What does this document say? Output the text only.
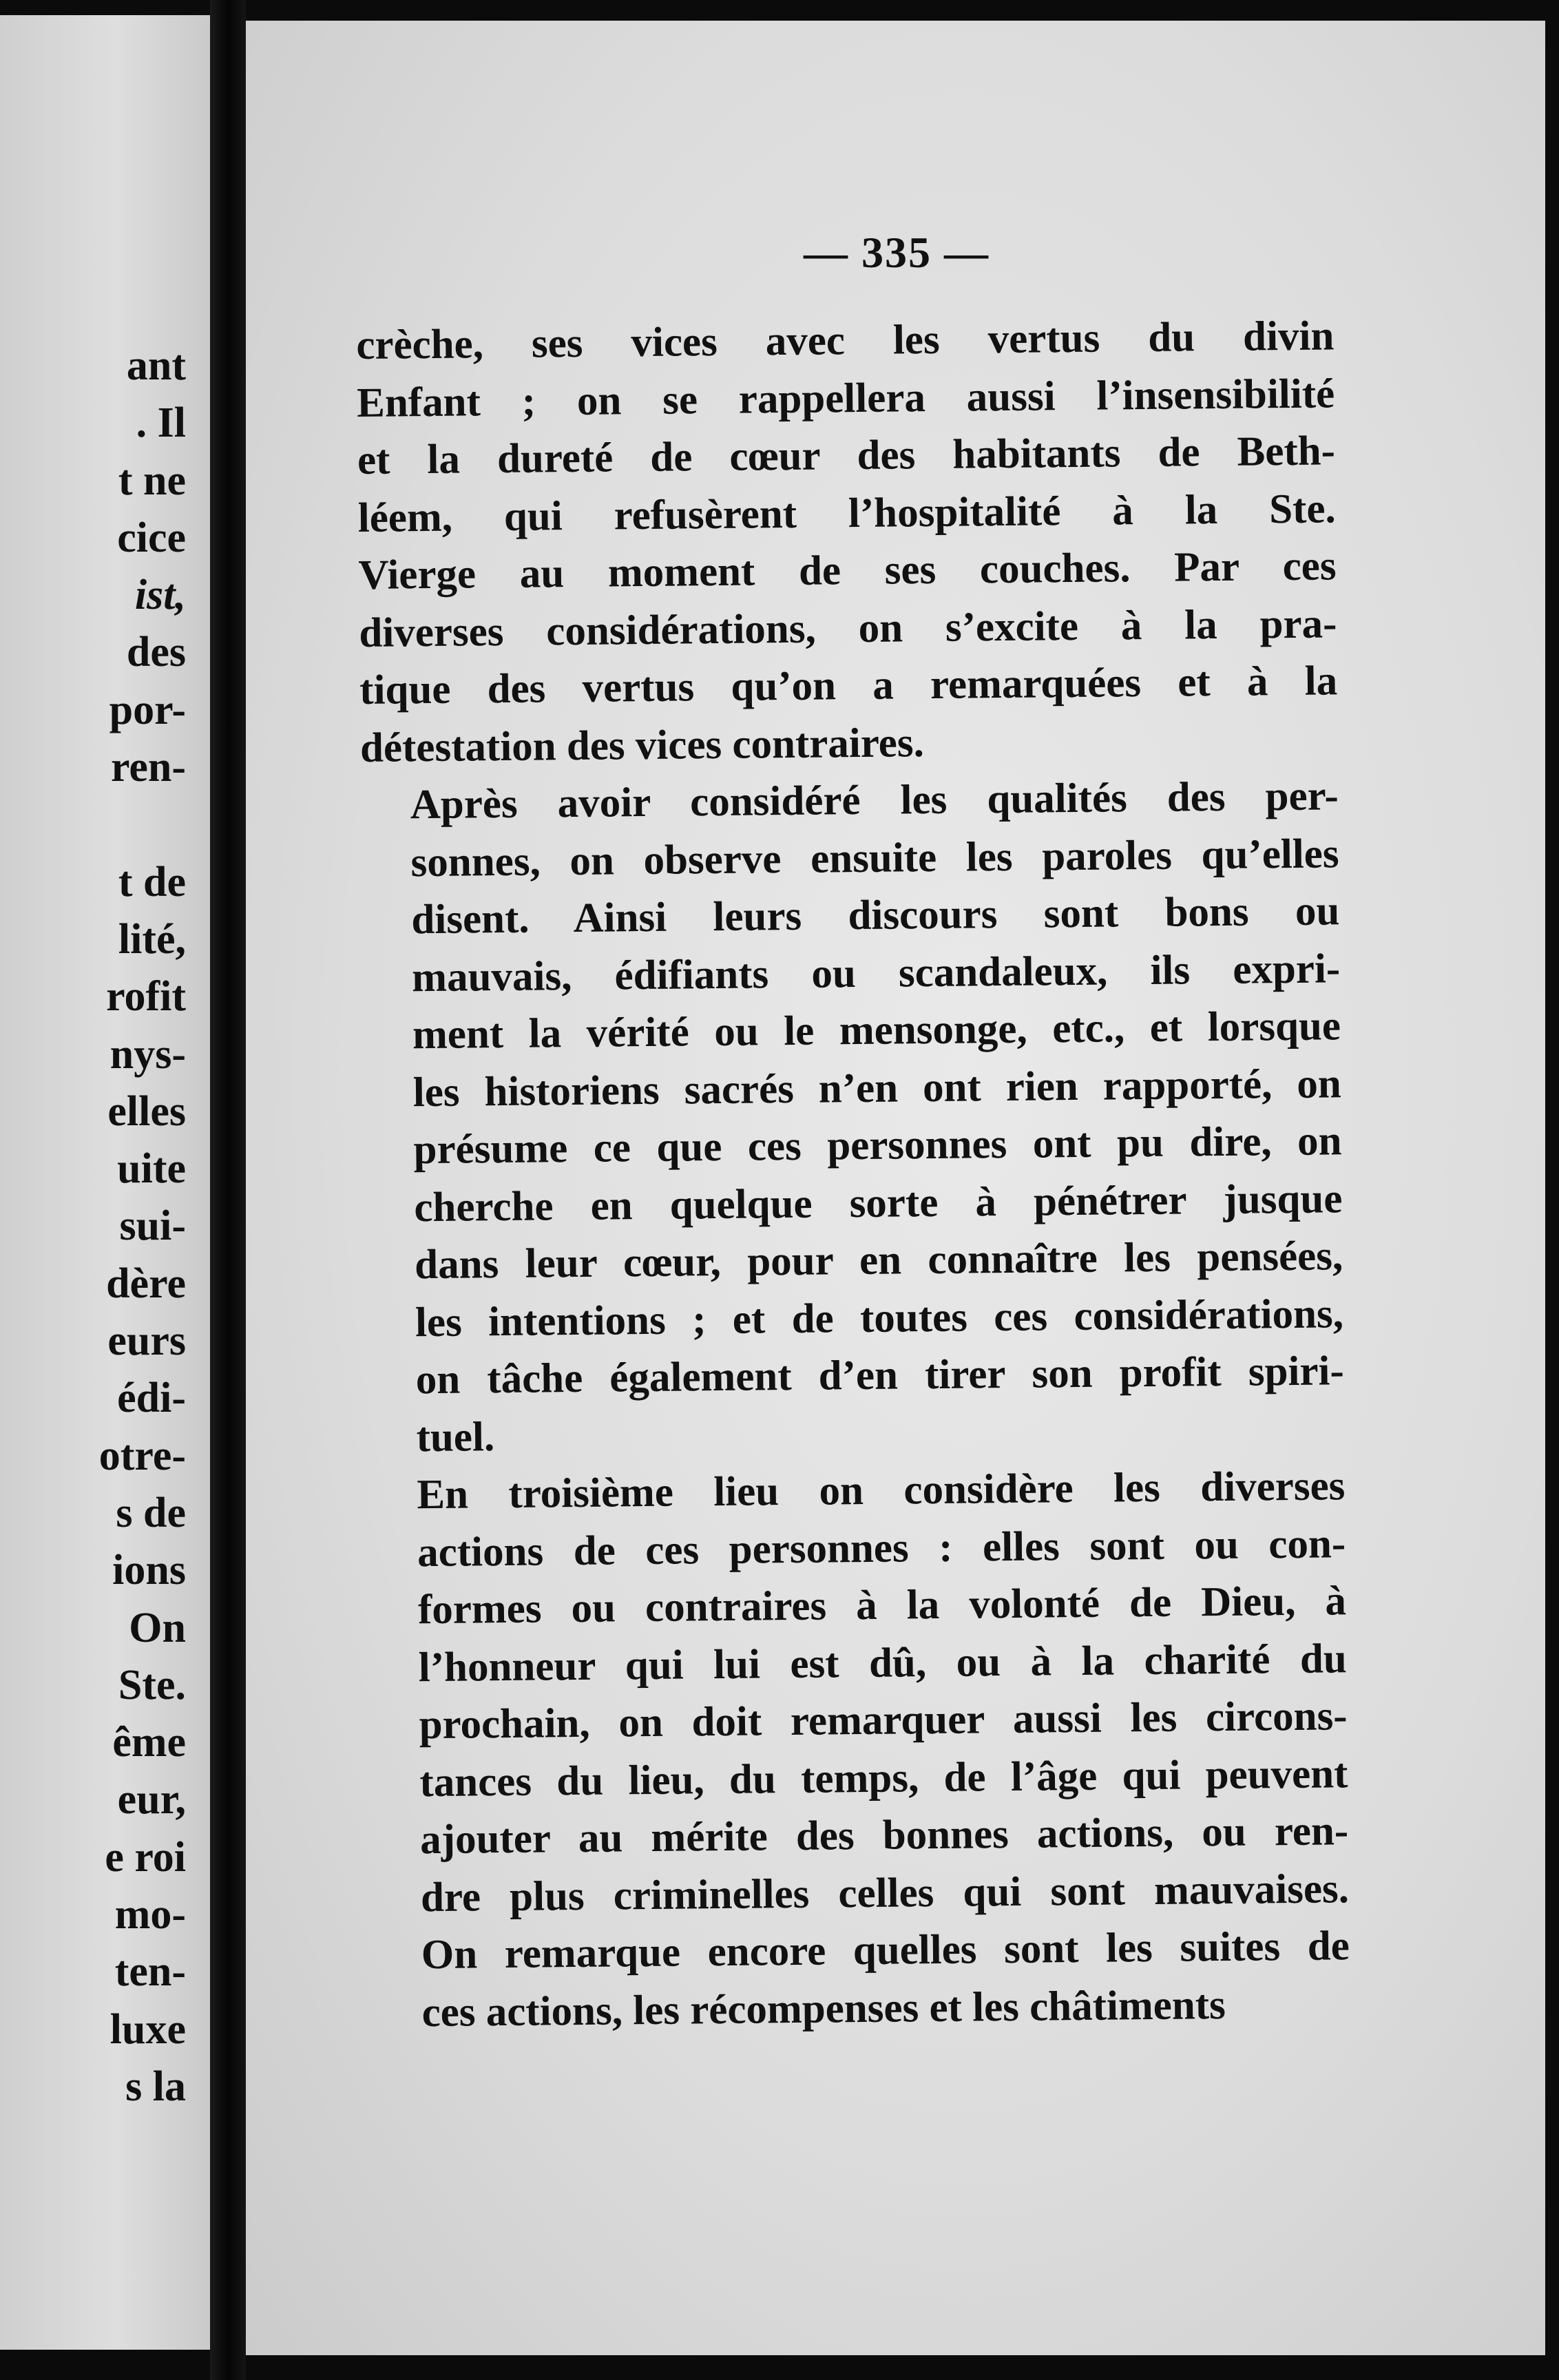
ant
. Il
t ne
cice
ist,
des
por-
ren-
t de
lité,
rofit
nys-
elles
uite
sui-
dère
eurs
édi-
otre-
s de
ions
On
Ste.
ême
eur,
e roi
mo-
ten-
luxe
s la
— 335 —

crèche, ses vices avec les vertus du divin
Enfant ; on se rappellera aussi l’insensibilité
et la dureté de cœur des habitants de Beth-
léem, qui refusèrent l’hospitalité à la Ste.
Vierge au moment de ses couches. Par ces
diverses considérations, on s’excite à la pra-
tique des vertus qu’on a remarquées et à la
détestation des vices contraires.

Après avoir considéré les qualités des per-
sonnes, on observe ensuite les paroles qu’elles
disent. Ainsi leurs discours sont bons ou
mauvais, édifiants ou scandaleux, ils expri-
ment la vérité ou le mensonge, etc., et lorsque
les historiens sacrés n’en ont rien rapporté, on
présume ce que ces personnes ont pu dire, on
cherche en quelque sorte à pénétrer jusque
dans leur cœur, pour en connaître les pensées,
les intentions ; et de toutes ces considérations,
on tâche également d’en tirer son profit spiri-
tuel.

En troisième lieu on considère les diverses
actions de ces personnes : elles sont ou con-
formes ou contraires à la volonté de Dieu, à
l’honneur qui lui est dû, ou à la charité du
prochain, on doit remarquer aussi les circons-
tances du lieu, du temps, de l’âge qui peuvent
ajouter au mérite des bonnes actions, ou ren-
dre plus criminelles celles qui sont mauvaises.
On remarque encore quelles sont les suites de
ces actions, les récompenses et les châtiments
